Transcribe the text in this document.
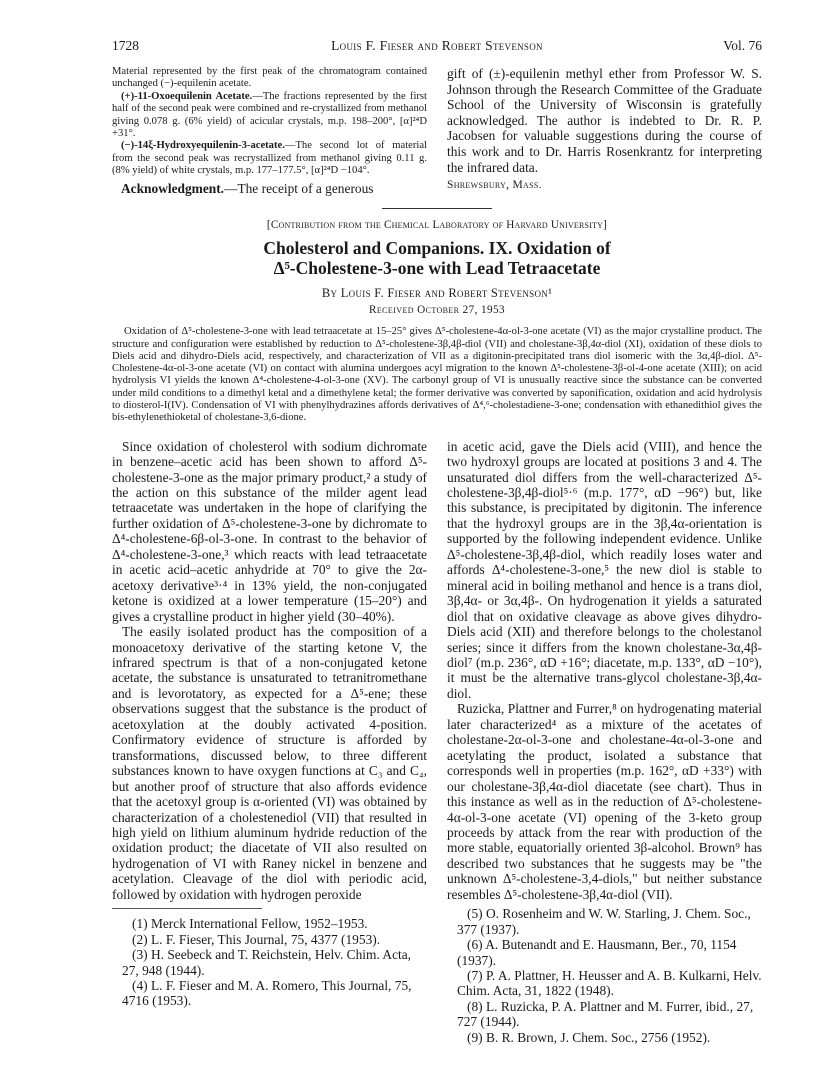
1728	Louis F. Fieser and Robert Stevenson	Vol. 76

Material represented by the first peak of the chromatogram contained unchanged (−)-equilenin acetate.

(+)-11-Oxoequilenin Acetate.—The fractions represented by the first half of the second peak were combined and re-crystallized from methanol giving 0.078 g. (6% yield) of acicular crystals, m.p. 198–200°, [α]²⁴D +31°.

(−)-14ξ-Hydroxyequilenin-3-acetate.—The second lot of material from the second peak was recrystallized from methanol giving 0.11 g. (8% yield) of white crystals, m.p. 177–177.5°, [α]²⁴D −104°.

Acknowledgment.—The receipt of a generous

gift of (±)-equilenin methyl ether from Professor W. S. Johnson through the Research Committee of the Graduate School of the University of Wisconsin is gratefully acknowledged. The author is indebted to Dr. R. P. Jacobsen for valuable suggestions during the course of this work and to Dr. Harris Rosenkrantz for interpreting the infrared data.

Shrewsbury, Mass.
[Contribution from the Chemical Laboratory of Harvard University]
Cholesterol and Companions. IX. Oxidation of
Δ⁵-Cholestene-3-one with Lead Tetraacetate
By Louis F. Fieser and Robert Stevenson¹
Received October 27, 1953

Oxidation of Δ⁵-cholestene-3-one with lead tetraacetate at 15–25° gives Δ⁵-cholestene-4α-ol-3-one acetate (VI) as the major crystalline product. The structure and configuration were established by reduction to Δ⁵-cholestene-3β,4β-diol (VII) and cholestane-3β,4α-diol (XI), oxidation of these diols to Diels acid and dihydro-Diels acid, respectively, and characterization of VII as a digitonin-precipitated trans diol isomeric with the 3α,4β-diol. Δ⁵-Cholestene-4α-ol-3-one acetate (VI) on contact with alumina undergoes acyl migration to the known Δ⁵-cholestene-3β-ol-4-one acetate (XIII); on acid hydrolysis VI yields the known Δ⁴-cholestene-4-ol-3-one (XV). The carbonyl group of VI is unusually reactive since the substance can be converted under mild conditions to a dimethyl ketal and a dimethylene ketal; the former derivative was converted by saponification, oxidation and acid hydrolysis to diosterol-I(IV). Condensation of VI with phenylhydrazines affords derivatives of Δ⁴,⁶-cholestadiene-3-one; condensation with ethanedithiol gives the bis-ethylenethioketal of cholestane-3,6-dione.

Since oxidation of cholesterol with sodium dichromate in benzene–acetic acid has been shown to afford Δ⁵-cholestene-3-one as the major primary product,² a study of the action on this substance of the milder agent lead tetraacetate was undertaken in the hope of clarifying the further oxidation of Δ⁵-cholestene-3-one by dichromate to Δ⁴-cholestene-6β-ol-3-one. In contrast to the behavior of Δ⁴-cholestene-3-one,³ which reacts with lead tetraacetate in acetic acid–acetic anhydride at 70° to give the 2α-acetoxy derivative³·⁴ in 13% yield, the non-conjugated ketone is oxidized at a lower temperature (15–20°) and gives a crystalline product in higher yield (30–40%).

The easily isolated product has the composition of a monoacetoxy derivative of the starting ketone V, the infrared spectrum is that of a non-conjugated ketone acetate, the substance is unsaturated to tetranitromethane and is levorotatory, as expected for a Δ⁵-ene; these observations suggest that the substance is the product of acetoxylation at the doubly activated 4-position. Confirmatory evidence of structure is afforded by transformations, discussed below, to three different substances known to have oxygen functions at C₃ and C₄, but another proof of structure that also affords evidence that the acetoxyl group is α-oriented (VI) was obtained by characterization of a cholestenediol (VII) that resulted in high yield on lithium aluminum hydride reduction of the oxidation product; the diacetate of VII also resulted on hydrogenation of VI with Raney nickel in benzene and acetylation. Cleavage of the diol with periodic acid, followed by oxidation with hydrogen peroxide

(1) Merck International Fellow, 1952–1953.

(2) L. F. Fieser, This Journal, 75, 4377 (1953).

(3) H. Seebeck and T. Reichstein, Helv. Chim. Acta, 27, 948 (1944).

(4) L. F. Fieser and M. A. Romero, This Journal, 75, 4716 (1953).

in acetic acid, gave the Diels acid (VIII), and hence the two hydroxyl groups are located at positions 3 and 4. The unsaturated diol differs from the well-characterized Δ⁵-cholestene-3β,4β-diol⁵·⁶ (m.p. 177°, αD −96°) but, like this substance, is precipitated by digitonin. The inference that the hydroxyl groups are in the 3β,4α-orientation is supported by the following independent evidence. Unlike Δ⁵-cholestene-3β,4β-diol, which readily loses water and affords Δ⁴-cholestene-3-one,⁵ the new diol is stable to mineral acid in boiling methanol and hence is a trans diol, 3β,4α- or 3α,4β-. On hydrogenation it yields a saturated diol that on oxidative cleavage as above gives dihydro-Diels acid (XII) and therefore belongs to the cholestanol series; since it differs from the known cholestane-3α,4β-diol⁷ (m.p. 236°, αD +16°; diacetate, m.p. 133°, αD −10°), it must be the alternative trans-glycol cholestane-3β,4α-diol.

Ruzicka, Plattner and Furrer,⁸ on hydrogenating material later characterized⁴ as a mixture of the acetates of cholestane-2α-ol-3-one and cholestane-4α-ol-3-one and acetylating the product, isolated a substance that corresponds well in properties (m.p. 162°, αD +33°) with our cholestane-3β,4α-diol diacetate (see chart). Thus in this instance as well as in the reduction of Δ⁵-cholestene-4α-ol-3-one acetate (VI) opening of the 3-keto group proceeds by attack from the rear with production of the more stable, equatorially oriented 3β-alcohol. Brown⁹ has described two substances that he suggests may be "the unknown Δ⁵-cholestene-3,4-diols," but neither substance resembles Δ⁵-cholestene-3β,4α-diol (VII).

(5) O. Rosenheim and W. W. Starling, J. Chem. Soc., 377 (1937).

(6) A. Butenandt and E. Hausmann, Ber., 70, 1154 (1937).

(7) P. A. Plattner, H. Heusser and A. B. Kulkarni, Helv. Chim. Acta, 31, 1822 (1948).

(8) L. Ruzicka, P. A. Plattner and M. Furrer, ibid., 27, 727 (1944).

(9) B. R. Brown, J. Chem. Soc., 2756 (1952).
